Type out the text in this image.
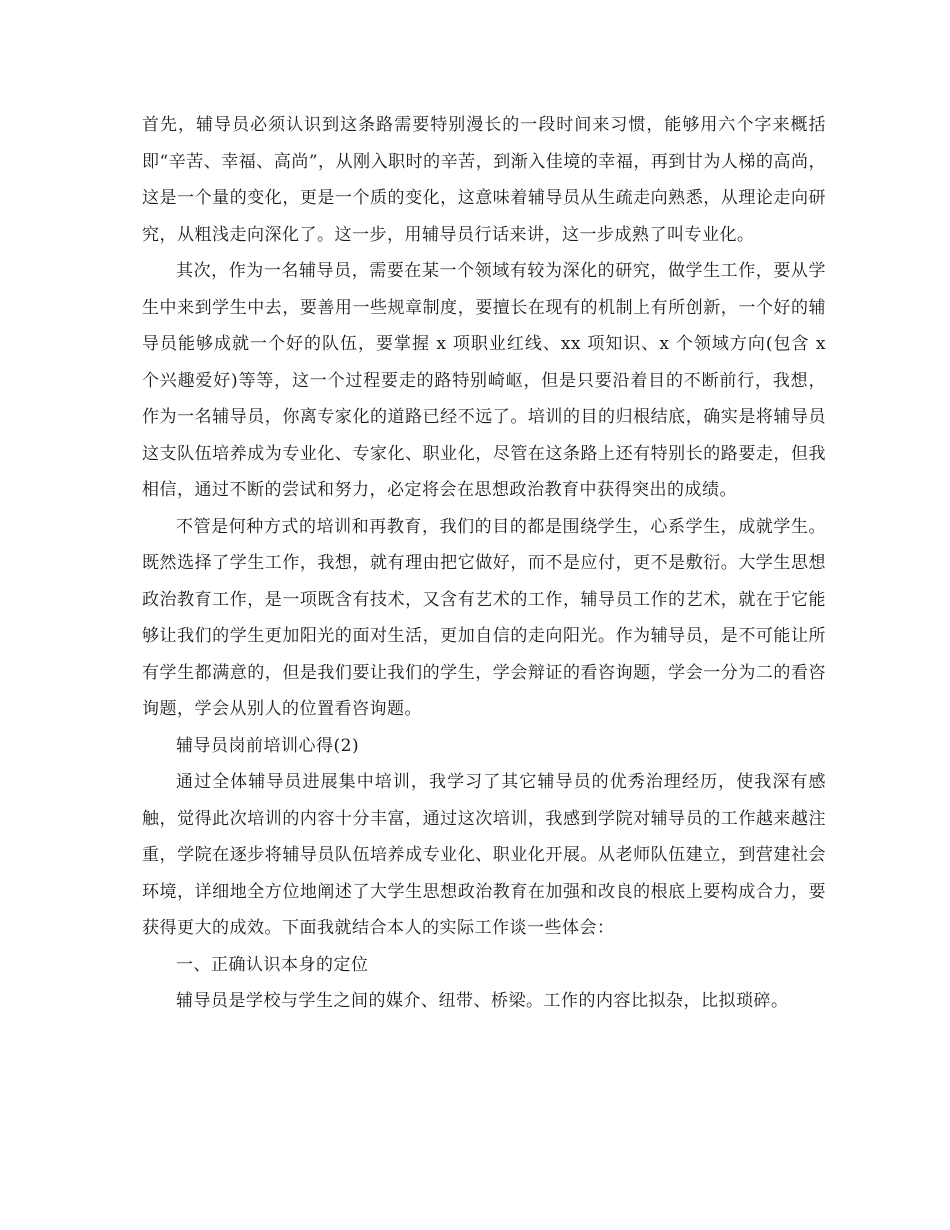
首先，辅导员必须认识到这条路需要特别漫长的一段时间来习惯，能够用六个字来概括即“辛苦、幸福、高尚”，从刚入职时的辛苦，到渐入佳境的幸福，再到甘为人梯的高尚，这是一个量的变化，更是一个质的变化，这意味着辅导员从生疏走向熟悉，从理论走向研究，从粗浅走向深化了。这一步，用辅导员行话来讲，这一步成熟了叫专业化。

其次，作为一名辅导员，需要在某一个领域有较为深化的研究，做学生工作，要从学生中来到学生中去，要善用一些规章制度，要擅长在现有的机制上有所创新，一个好的辅导员能够成就一个好的队伍，要掌握 x 项职业红线、xx 项知识、x 个领域方向(包含 x 个兴趣爱好)等等，这一个过程要走的路特别崎岖，但是只要沿着目的不断前行，我想，作为一名辅导员，你离专家化的道路已经不远了。培训的目的归根结底，确实是将辅导员这支队伍培养成为专业化、专家化、职业化，尽管在这条路上还有特别长的路要走，但我相信，通过不断的尝试和努力，必定将会在思想政治教育中获得突出的成绩。

不管是何种方式的培训和再教育，我们的目的都是围绕学生，心系学生，成就学生。既然选择了学生工作，我想，就有理由把它做好，而不是应付，更不是敷衍。大学生思想政治教育工作，是一项既含有技术，又含有艺术的工作，辅导员工作的艺术，就在于它能够让我们的学生更加阳光的面对生活，更加自信的走向阳光。作为辅导员，是不可能让所有学生都满意的，但是我们要让我们的学生，学会辩证的看咨询题，学会一分为二的看咨询题，学会从别人的位置看咨询题。

辅导员岗前培训心得(2)

通过全体辅导员进展集中培训，我学习了其它辅导员的优秀治理经历，使我深有感触，觉得此次培训的内容十分丰富，通过这次培训，我感到学院对辅导员的工作越来越注重，学院在逐步将辅导员队伍培养成专业化、职业化开展。从老师队伍建立，到营建社会环境，详细地全方位地阐述了大学生思想政治教育在加强和改良的根底上要构成合力，要获得更大的成效。下面我就结合本人的实际工作谈一些体会：

一、正确认识本身的定位

辅导员是学校与学生之间的媒介、纽带、桥梁。工作的内容比拟杂，比拟琐碎。
